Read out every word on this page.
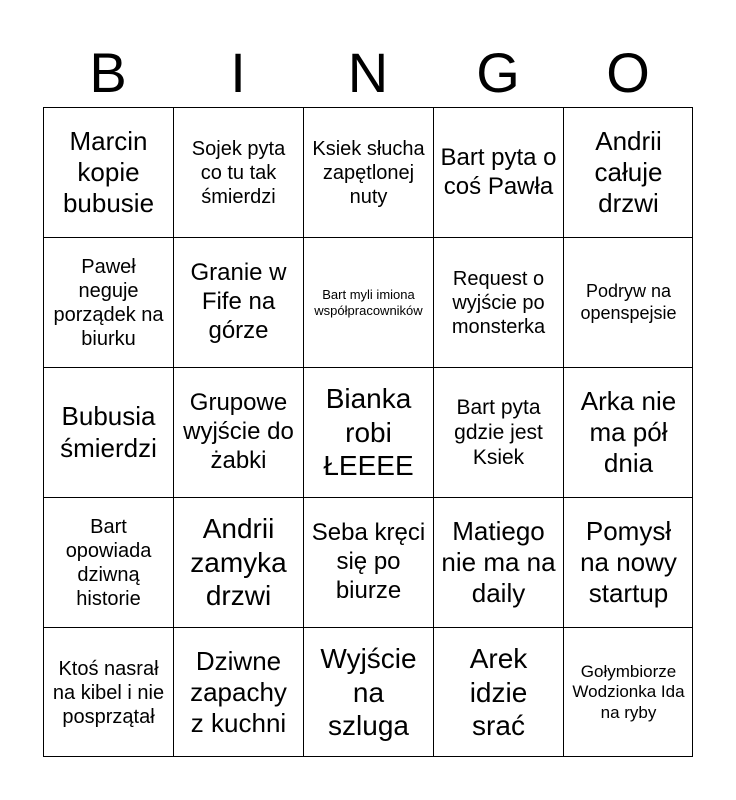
B	I	N	G	O
Marcin kopie bubusie
Sojek pyta co tu tak śmierdzi
Ksiek słucha zapętlonej nuty
Bart pyta o coś Pawła
Andrii całuje drzwi
Paweł neguje porządek na biurku
Granie w Fife na górze
Bart myli imiona współpracowników
Request o wyjście po monsterka
Podryw na openspejsie
Bubusia śmierdzi
Grupowe wyjście do żabki
Bianka robi ŁEEEE
Bart pyta gdzie jest Ksiek
Arka nie ma pół dnia
Bart opowiada dziwną historie
Andrii zamyka drzwi
Seba kręci się po biurze
Matiego nie ma na daily
Pomysł na nowy startup
Ktoś nasrał na kibel i nie posprzątał
Dziwne zapachy z kuchni
Wyjście na szluga
Arek idzie srać
Gołymbiorze Wodzionka Ida na ryby
